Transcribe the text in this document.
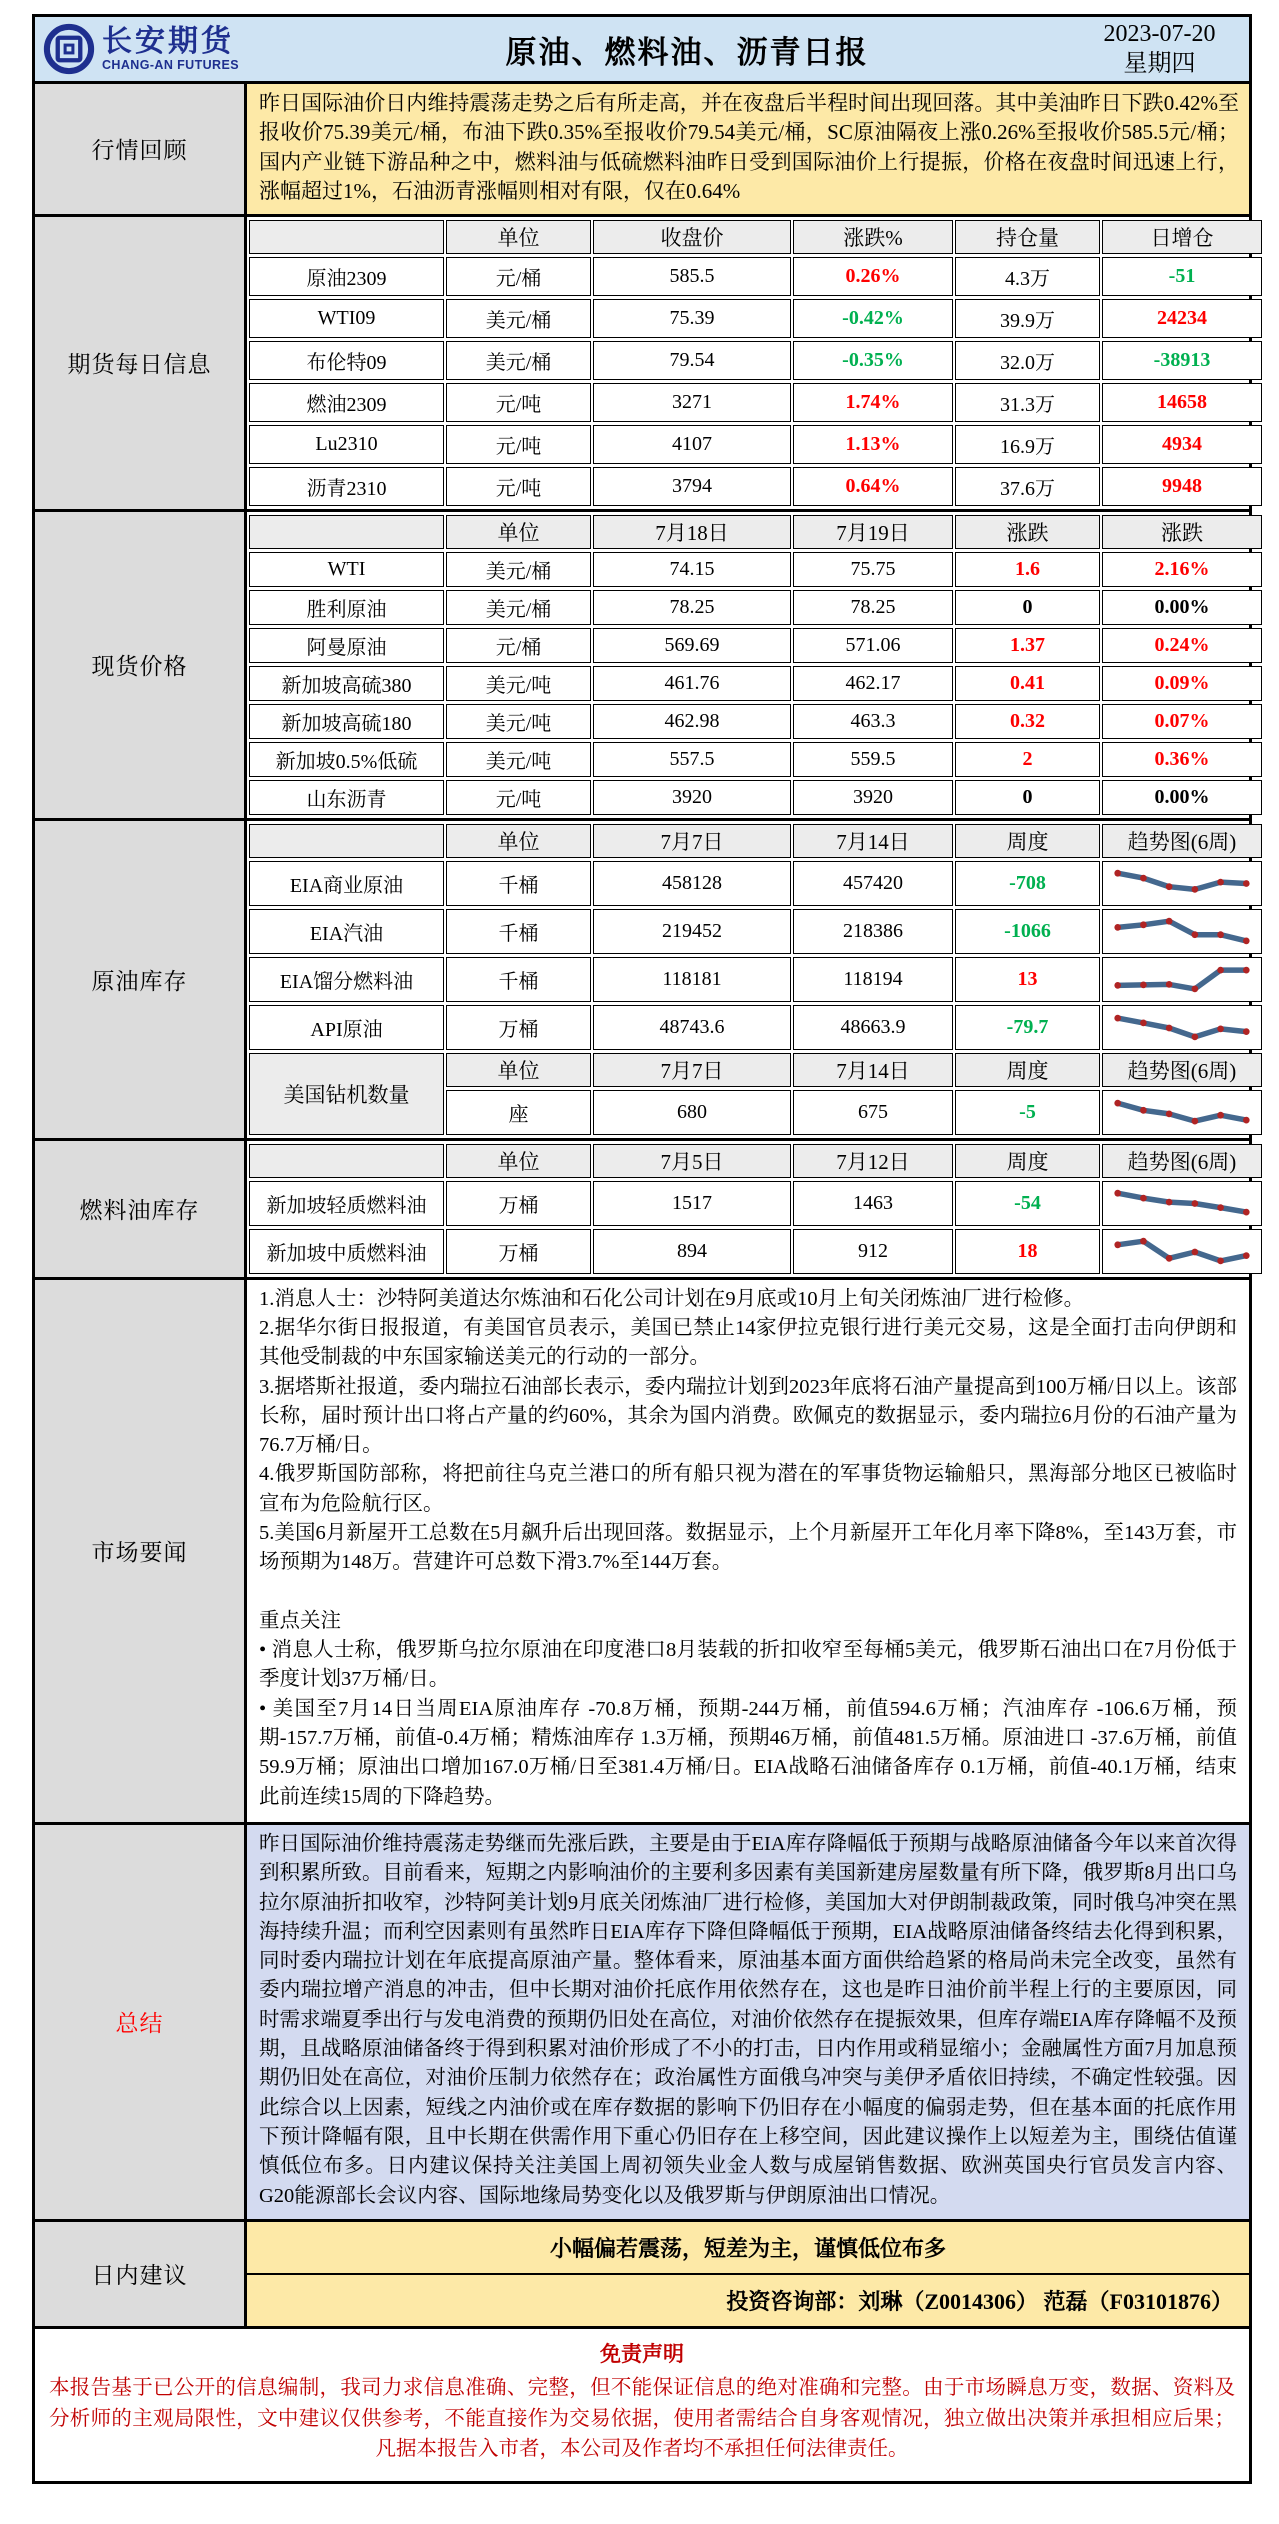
长安期货
CHANG-AN FUTURES	原油、燃料油、沥青日报
2023-07-20
星期四
行情回顾
昨日国际油价日内维持震荡走势之后有所走高，并在夜盘后半程时间出现回落。其中美油昨日下跌0.42%至报收价75.39美元/桶，布油下跌0.35%至报收价79.54美元/桶，SC原油隔夜上涨0.26%至报收价585.5元/桶；国内产业链下游品种之中，燃料油与低硫燃料油昨日受到国际油价上行提振，价格在夜盘时间迅速上行，涨幅超过1%，石油沥青涨幅则相对有限，仅在0.64%
期货每日信息
	单位	收盘价	涨跌%	持仓量	日增仓
原油2309	元/桶	585.5	0.26%	4.3万	-51
WTI09	美元/桶	75.39	-0.42%	39.9万	24234
布伦特09	美元/桶	79.54	-0.35%	32.0万	-38913
燃油2309	元/吨	3271	1.74%	31.3万	14658
Lu2310	元/吨	4107	1.13%	16.9万	4934
沥青2310	元/吨	3794	0.64%	37.6万	9948
现货价格
	单位	7月18日	7月19日	涨跌	涨跌
WTI	美元/桶	74.15	75.75	1.6	2.16%
胜利原油	美元/桶	78.25	78.25	0	0.00%
阿曼原油	元/桶	569.69	571.06	1.37	0.24%
新加坡高硫380	美元/吨	461.76	462.17	0.41	0.09%
新加坡高硫180	美元/吨	462.98	463.3	0.32	0.07%
新加坡0.5%低硫	美元/吨	557.5	559.5	2	0.36%
山东沥青	元/吨	3920	3920	0	0.00%
原油库存
	单位	7月7日	7月14日	周度	趋势图(6周)
EIA商业原油	千桶	458128	457420	-708	

EIA汽油	千桶	219452	218386	-1066	

EIA馏分燃料油	千桶	118181	118194	13	

API原油	万桶	48743.6	48663.9	-79.7	

美国钻机数量	单位	7月7日	7月14日	周度	趋势图(6周)
	座	680	675	-5	
燃料油库存
	单位	7月5日	7月12日	周度	趋势图(6周)
新加坡轻质燃料油	万桶	1517	1463	-54	

新加坡中质燃料油	万桶	894	912	18	
市场要闻

1.消息人士：沙特阿美道达尔炼油和石化公司计划在9月底或10月上旬关闭炼油厂进行检修。

2.据华尔街日报报道，有美国官员表示，美国已禁止14家伊拉克银行进行美元交易，这是全面打击向伊朗和其他受制裁的中东国家输送美元的行动的一部分。

3.据塔斯社报道，委内瑞拉石油部长表示，委内瑞拉计划到2023年底将石油产量提高到100万桶/日以上。该部长称，届时预计出口将占产量的约60%，其余为国内消费。欧佩克的数据显示，委内瑞拉6月份的石油产量为76.7万桶/日。

4.俄罗斯国防部称，将把前往乌克兰港口的所有船只视为潜在的军事货物运输船只，黑海部分地区已被临时宣布为危险航行区。

5.美国6月新屋开工总数在5月飙升后出现回落。数据显示，上个月新屋开工年化月率下降8%，至143万套，市场预期为148万。营建许可总数下滑3.7%至144万套。

重点关注

• 消息人士称，俄罗斯乌拉尔原油在印度港口8月装载的折扣收窄至每桶5美元，俄罗斯石油出口在7月份低于季度计划37万桶/日。

• 美国至7月14日当周EIA原油库存 -70.8万桶，预期-244万桶，前值594.6万桶；汽油库存 -106.6万桶，预期-157.7万桶，前值-0.4万桶；精炼油库存 1.3万桶，预期46万桶，前值481.5万桶。原油进口 -37.6万桶，前值59.9万桶；原油出口增加167.0万桶/日至381.4万桶/日。EIA战略石油储备库存 0.1万桶，前值-40.1万桶，结束此前连续15周的下降趋势。

总结
昨日国际油价维持震荡走势继而先涨后跌，主要是由于EIA库存降幅低于预期与战略原油储备今年以来首次得到积累所致。目前看来，短期之内影响油价的主要利多因素有美国新建房屋数量有所下降，俄罗斯8月出口乌拉尔原油折扣收窄，沙特阿美计划9月底关闭炼油厂进行检修，美国加大对伊朗制裁政策，同时俄乌冲突在黑海持续升温；而利空因素则有虽然昨日EIA库存下降但降幅低于预期，EIA战略原油储备终结去化得到积累，同时委内瑞拉计划在年底提高原油产量。整体看来，原油基本面方面供给趋紧的格局尚未完全改变，虽然有委内瑞拉增产消息的冲击，但中长期对油价托底作用依然存在，这也是昨日油价前半程上行的主要原因，同时需求端夏季出行与发电消费的预期仍旧处在高位，对油价依然存在提振效果，但库存端EIA库存降幅不及预期，且战略原油储备终于得到积累对油价形成了不小的打击，日内作用或稍显缩小；金融属性方面7月加息预期仍旧处在高位，对油价压制力依然存在；政治属性方面俄乌冲突与美伊矛盾依旧持续，不确定性较强。因此综合以上因素，短线之内油价或在库存数据的影响下仍旧存在小幅度的偏弱走势，但在基本面的托底作用下预计降幅有限，且中长期在供需作用下重心仍旧存在上移空间，因此建议操作上以短差为主，围绕估值谨慎低位布多。日内建议保持关注美国上周初领失业金人数与成屋销售数据、欧洲英国央行官员发言内容、G20能源部长会议内容、国际地缘局势变化以及俄罗斯与伊朗原油出口情况。
日内建议
小幅偏若震荡，短差为主，谨慎低位布多
投资咨询部：刘琳（Z0014306） 范磊（F03101876）
免责声明
本报告基于已公开的信息编制，我司力求信息准确、完整，但不能保证信息的绝对准确和完整。由于市场瞬息万变，数据、资料及分析师的主观局限性，文中建议仅供参考，不能直接作为交易依据，使用者需结合自身客观情况，独立做出决策并承担相应后果；凡据本报告入市者，本公司及作者均不承担任何法律责任。
